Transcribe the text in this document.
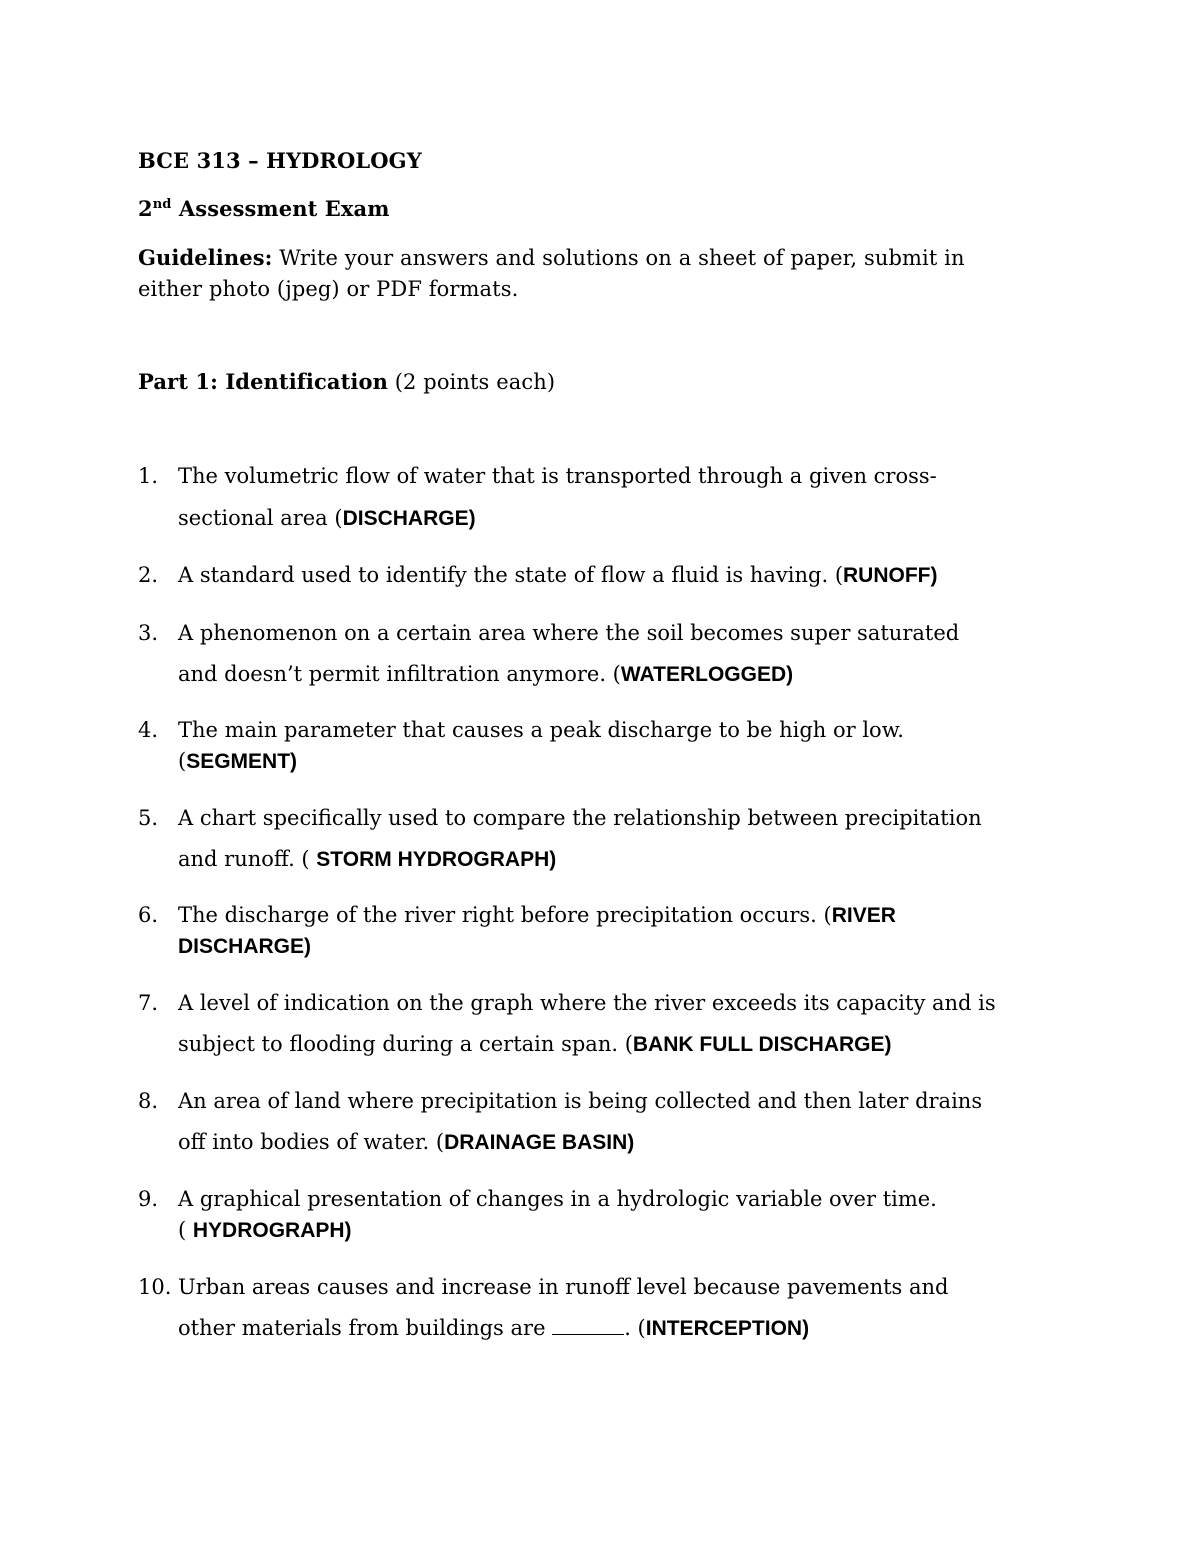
BCE 313 – HYDROLOGY
2nd Assessment Exam
Guidelines: Write your answers and solutions on a sheet of paper, submit in
either photo (jpeg) or PDF formats.
Part 1: Identification (2 points each)
1. The volumetric flow of water that is transported through a given cross-
sectional area (DISCHARGE)
2. A standard used to identify the state of flow a fluid is having. (RUNOFF)
3. A phenomenon on a certain area where the soil becomes super saturated
and doesn’t permit infiltration anymore. (WATERLOGGED)
4. The main parameter that causes a peak discharge to be high or low.
(SEGMENT)
5. A chart specifically used to compare the relationship between precipitation
and runoff. ( STORM HYDROGRAPH)
6. The discharge of the river right before precipitation occurs. (RIVER
DISCHARGE)
7. A level of indication on the graph where the river exceeds its capacity and is
subject to flooding during a certain span. (BANK FULL DISCHARGE)
8. An area of land where precipitation is being collected and then later drains
off into bodies of water. (DRAINAGE BASIN)
9. A graphical presentation of changes in a hydrologic variable over time.
( HYDROGRAPH)
10. Urban areas causes and increase in runoff level because pavements and
other materials from buildings are	. (INTERCEPTION)
